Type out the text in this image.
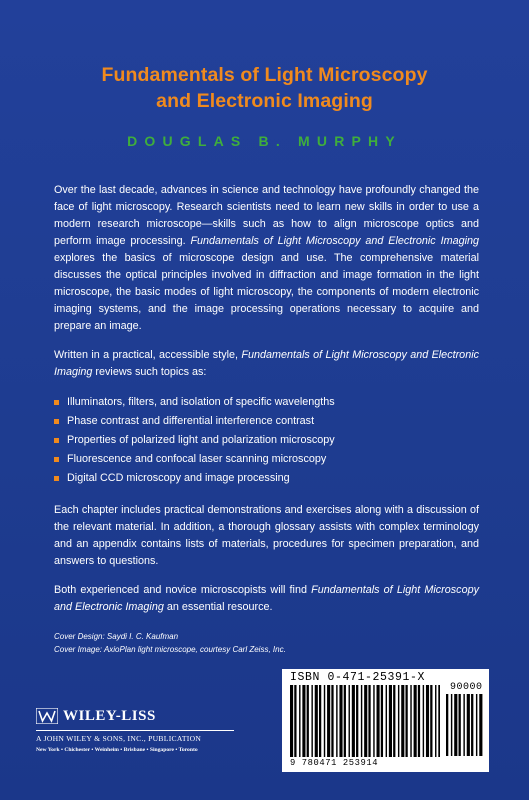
Fundamentals of Light Microscopy
and Electronic Imaging
DOUGLAS B. MURPHY

Over the last decade, advances in science and technology have profoundly changed the face of light microscopy. Research scientists need to learn new skills in order to use a modern research microscope—skills such as how to align microscope optics and perform image processing. Fundamentals of Light Microscopy and Electronic Imaging explores the basics of microscope design and use. The comprehensive material discusses the optical principles involved in diffraction and image formation in the light microscope, the basic modes of light microscopy, the components of modern electronic imaging systems, and the image processing operations necessary to acquire and prepare an image.

Written in a practical, accessible style, Fundamentals of Light Microscopy and Electronic Imaging reviews such topics as:

Illuminators, filters, and isolation of specific wavelengths
Phase contrast and differential interference contrast
Properties of polarized light and polarization microscopy
Fluorescence and confocal laser scanning microscopy
Digital CCD microscopy and image processing

Each chapter includes practical demonstrations and exercises along with a discussion of the relevant material. In addition, a thorough glossary assists with complex terminology and an appendix contains lists of materials, procedures for specimen preparation, and answers to questions.

Both experienced and novice microscopists will find Fundamentals of Light Microscopy and Electronic Imaging an essential resource.

Cover Design: Saydi I. C. Kaufman
Cover Image: AxioPlan light microscope, courtesy Carl Zeiss, Inc.
WILEY-LISS
A JOHN WILEY & SONS, INC., PUBLICATION
New York • Chichester • Weinheim • Brisbane • Singapore • Toronto
ISBN 0-471-25391-X
90000
9 780471 253914
